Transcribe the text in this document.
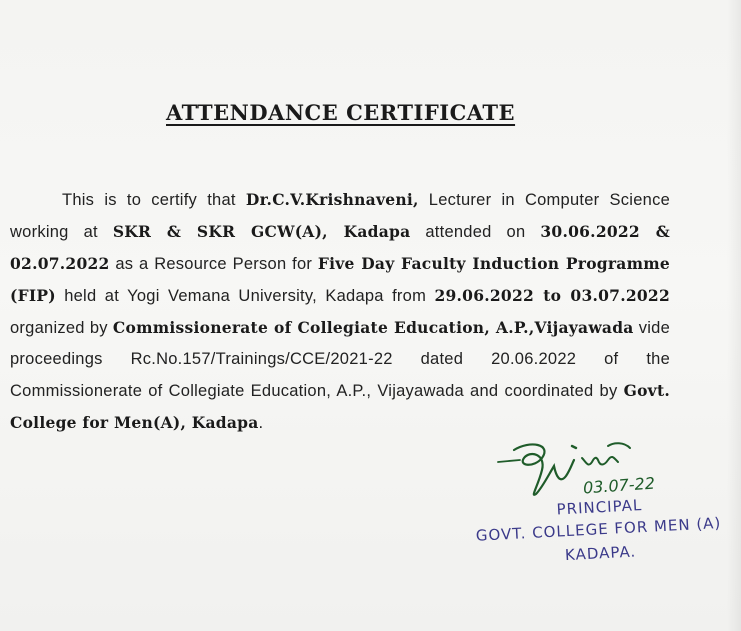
ATTENDANCE CERTIFICATE
This is to certify that Dr.C.V.Krishnaveni, Lecturer in Computer Science working at SKR & SKR GCW(A), Kadapa attended on 30.06.2022 & 02.07.2022 as a Resource Person for Five Day Faculty Induction Programme (FIP) held at Yogi Vemana University, Kadapa from 29.06.2022 to 03.07.2022 organized by Commissionerate of Collegiate Education, A.P.,Vijayawada vide proceedings Rc.No.157/Trainings/CCE/2021-22 dated 20.06.2022 of the Commissionerate of Collegiate Education, A.P., Vijayawada and coordinated by Govt. College for Men(A), Kadapa.
03.07-22
PRINCIPAL
GOVT. COLLEGE FOR MEN (A)
KADAPA.
